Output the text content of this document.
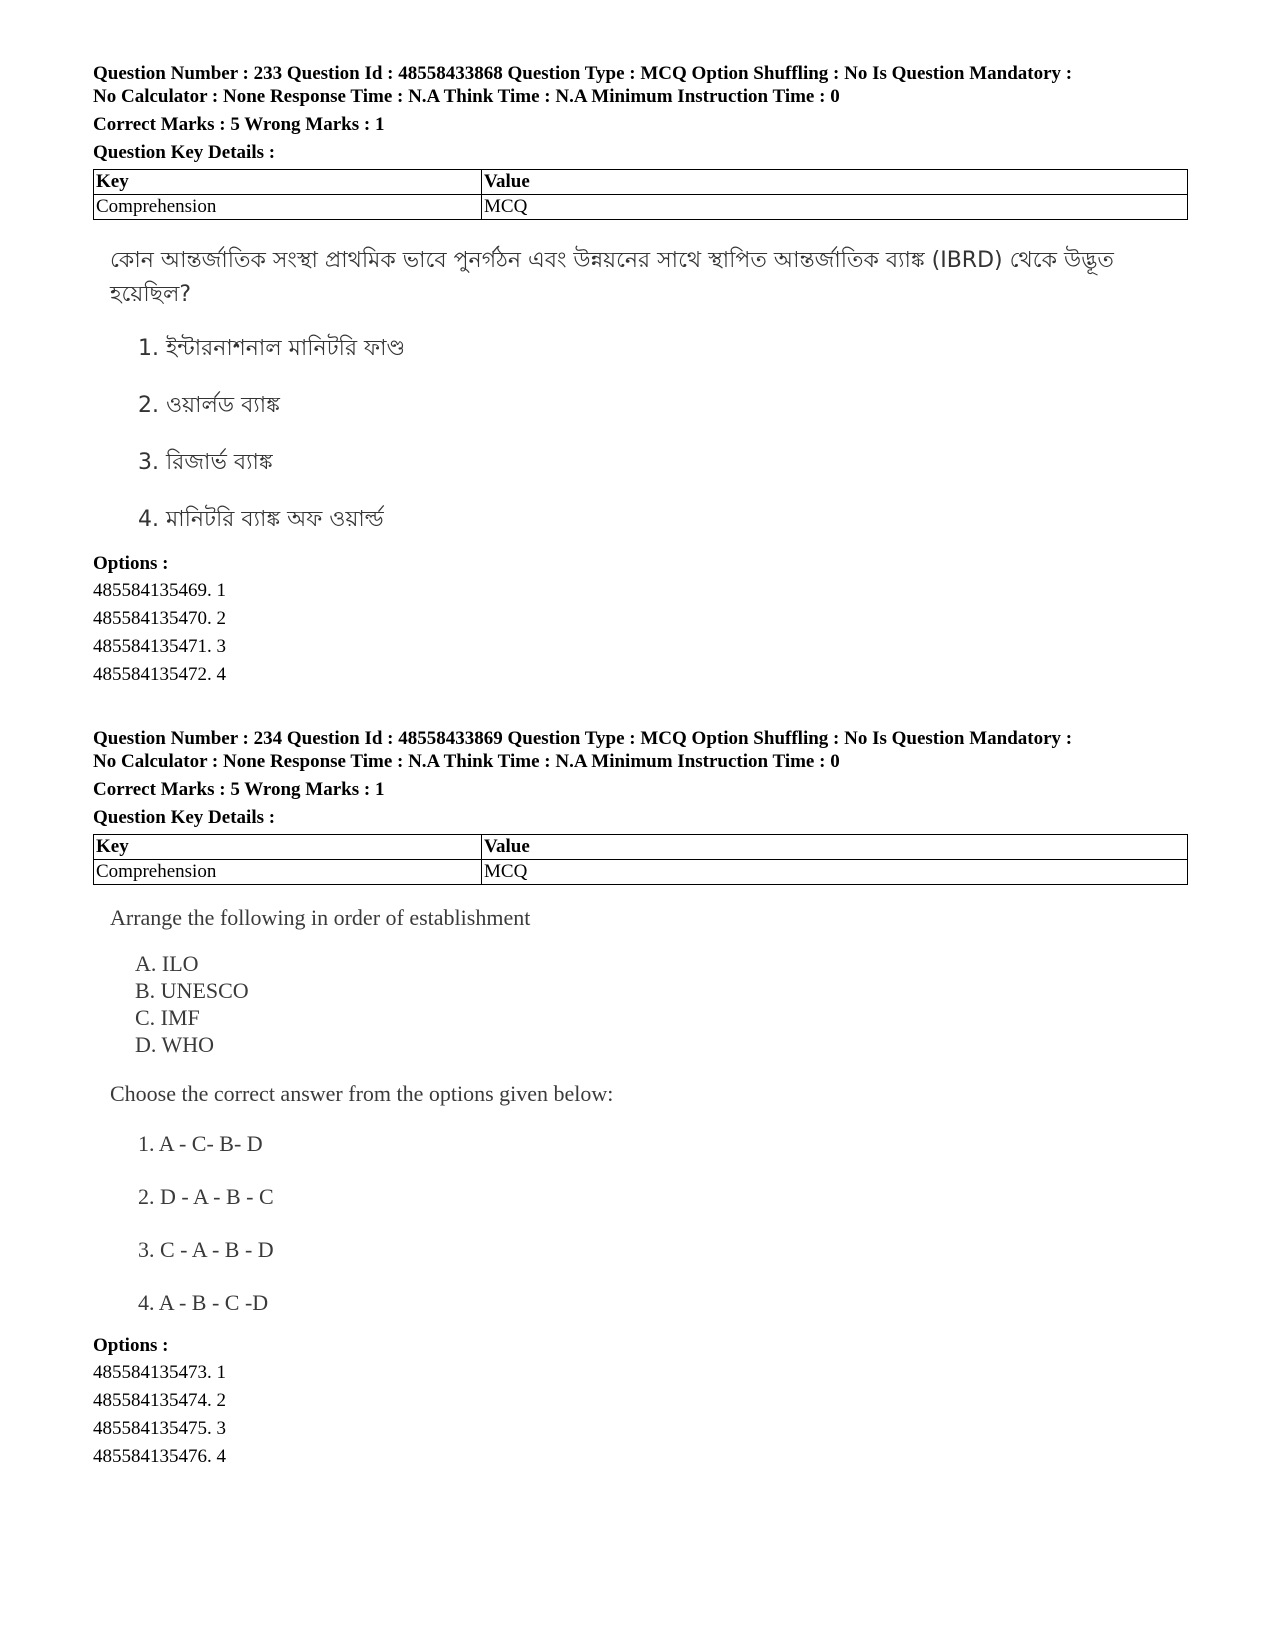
Question Number : 233 Question Id : 48558433868 Question Type : MCQ Option Shuffling : No Is Question Mandatory :
No Calculator : None Response Time : N.A Think Time : N.A Minimum Instruction Time : 0
Correct Marks : 5 Wrong Marks : 1
Question Key Details :
Key	Value
Comprehension	MCQ
কোন আন্তর্জাতিক সংস্থা প্রাথমিক ভাবে পুনর্গঠন এবং উন্নয়নের সাথে স্থাপিত আন্তর্জাতিক ব্যাঙ্ক (IBRD) থেকে উদ্ভূত হয়েছিল?
1. ইন্টারনাশনাল মানিটরি ফাণ্ড
2. ওয়ার্লড ব্যাঙ্ক
3. রিজার্ভ ব্যাঙ্ক
4. মানিটরি ব্যাঙ্ক অফ ওয়ার্ল্ড
Options :
485584135469. 1
485584135470. 2
485584135471. 3
485584135472. 4
Question Number : 234 Question Id : 48558433869 Question Type : MCQ Option Shuffling : No Is Question Mandatory :
No Calculator : None Response Time : N.A Think Time : N.A Minimum Instruction Time : 0
Correct Marks : 5 Wrong Marks : 1
Question Key Details :
Key	Value
Comprehension	MCQ
Arrange the following in order of establishment
A. ILO
B. UNESCO
C. IMF
D. WHO
Choose the correct answer from the options given below:
1. A - C- B- D
2. D - A - B - C
3. C - A - B - D
4. A - B - C -D
Options :
485584135473. 1
485584135474. 2
485584135475. 3
485584135476. 4
